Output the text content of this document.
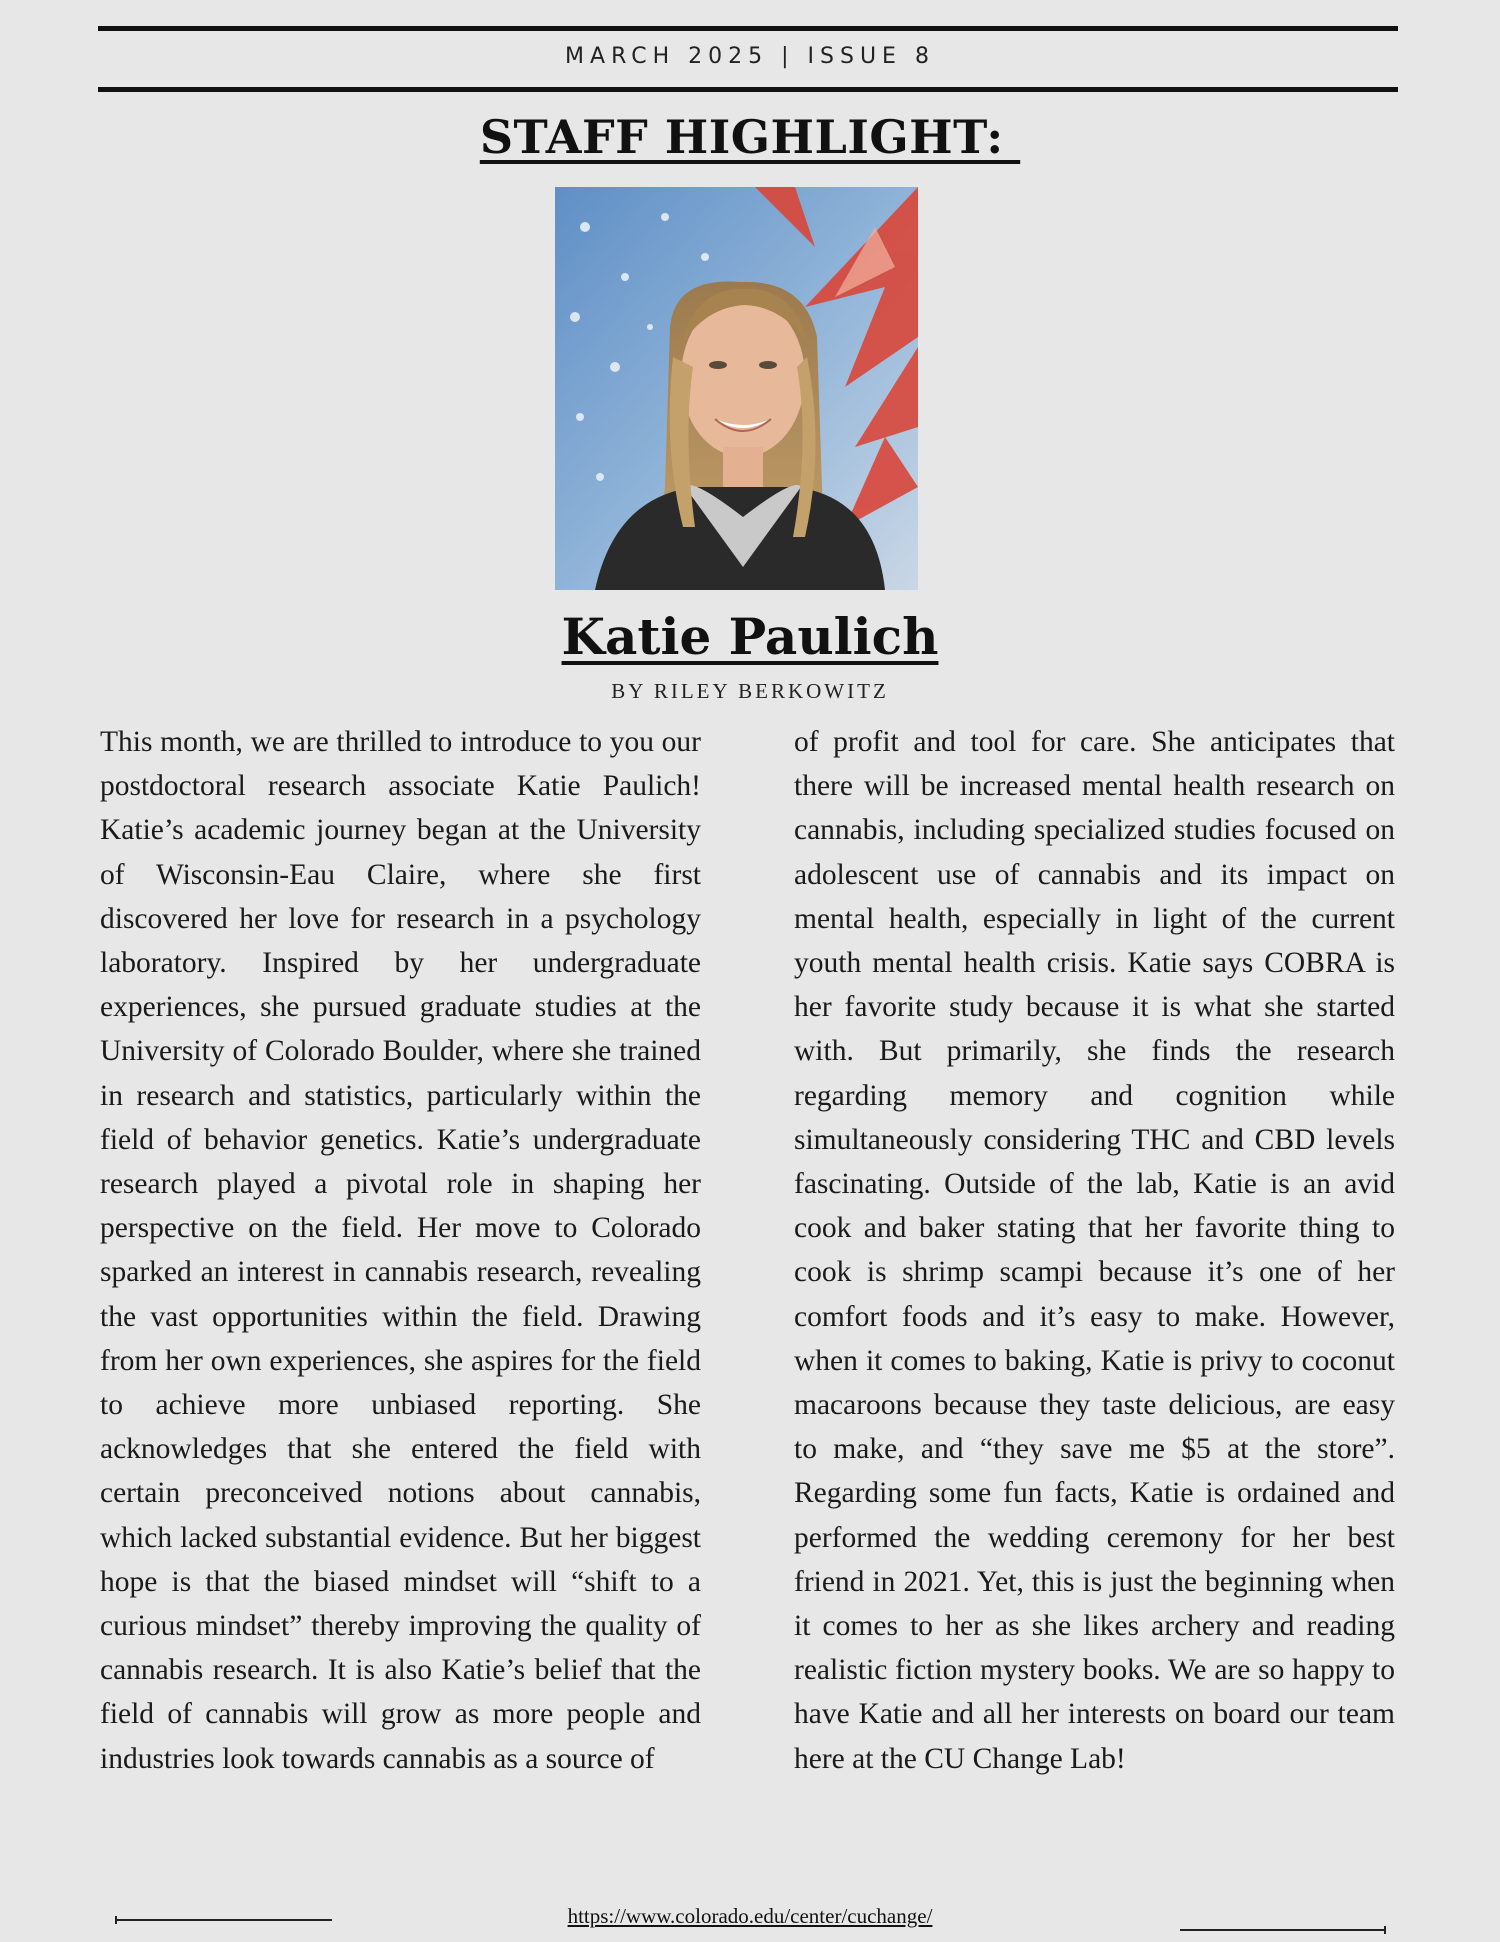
MARCH 2025 | ISSUE 8
STAFF HIGHLIGHT:
Katie Paulich
BY RILEY BERKOWITZ
This month, we are thrilled to introduce to you our postdoctoral research associate Katie Paulich! Katie’s academic journey began at the University of Wisconsin-Eau Claire, where she first discovered her love for research in a psychology laboratory. Inspired by her undergraduate experiences, she pursued graduate studies at the University of Colorado Boulder, where she trained in research and statistics, particularly within the field of behavior genetics. Katie’s undergraduate research played a pivotal role in shaping her perspective on the field. Her move to Colorado sparked an interest in cannabis research, revealing the vast opportunities within the field. Drawing from her own experiences, she aspires for the field to achieve more unbiased reporting. She acknowledges that she entered the field with certain preconceived notions about cannabis, which lacked substantial evidence. But her biggest hope is that the biased mindset will “shift to a curious mindset” thereby improving the quality of cannabis research. It is also Katie’s belief that the field of cannabis will grow as more people and industries look towards cannabis as a source of
of profit and tool for care. She anticipates that there will be increased mental health research on cannabis, including specialized studies focused on adolescent use of cannabis and its impact on mental health, especially in light of the current youth mental health crisis. Katie says COBRA is her favorite study because it is what she started with. But primarily, she finds the research regarding memory and cognition while simultaneously considering THC and CBD levels fascinating. Outside of the lab, Katie is an avid cook and baker stating that her favorite thing to cook is shrimp scampi because it’s one of her comfort foods and it’s easy to make. However, when it comes to baking, Katie is privy to coconut macaroons because they taste delicious, are easy to make, and “they save me $5 at the store”. Regarding some fun facts, Katie is ordained and performed the wedding ceremony for her best friend in 2021. Yet, this is just the beginning when it comes to her as she likes archery and reading realistic fiction mystery books. We are so happy to have Katie and all her interests on board our team here at the CU Change Lab!
https://www.colorado.edu/center/cuchange/
